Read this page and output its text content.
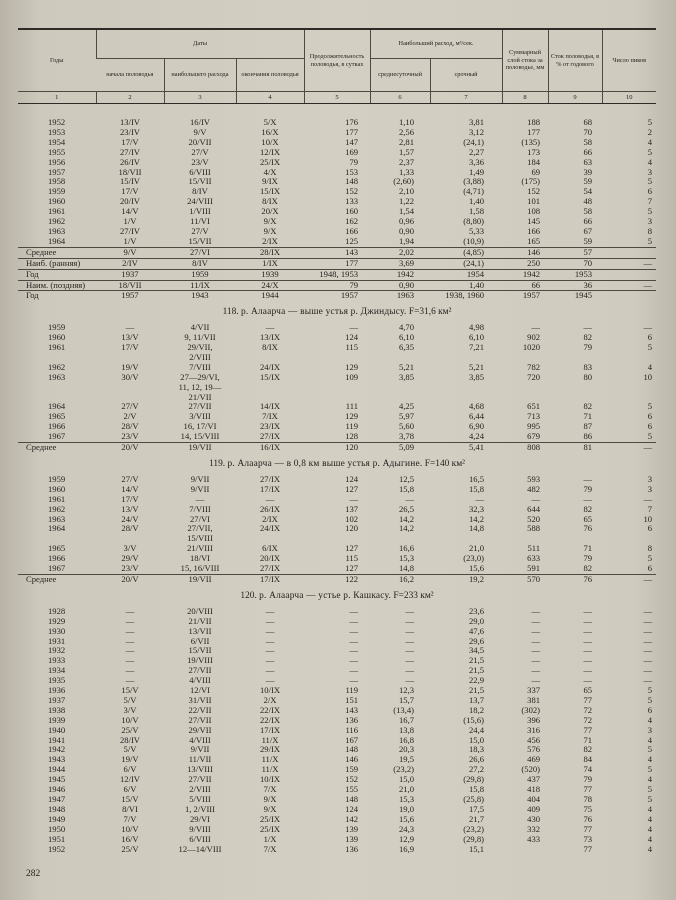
Годы	Даты			Продолжительность половодья, в сутках	Наибольший расход, м³/сек.		Суммарный слой стока за половодье, мм	Сток половодья, в % от годового	Число пиков
	начала половодья	наибольшего расхода	окончания половодья		среднесуточный	срочный			
1	2	3	4	5	6	7	8	9	10

1952	13/IV	16/IV	5/X	176	1,10	3,81	188	68	5
1953	23/IV	9/V	16/X	177	2,56	3,12	177	70	2
1954	17/V	20/VII	10/X	147	2,81	(24,1)	(135)	58	4
1955	27/IV	27/V	12/IX	169	1,57	2,27	173	66	5
1956	26/IV	23/V	25/IX	79	2,37	3,36	184	63	4
1957	18/VII	6/VIII	4/X	153	1,33	1,49	69	39	3
1958	15/IV	15/VII	9/IX	148	(2,60)	(3,88)	(175)	59	5
1959	17/V	8/IV	15/IX	152	2,10	(4,71)	152	54	6
1960	20/IV	24/VIII	8/IX	133	1,22	1,40	101	48	7
1961	14/V	1/VIII	20/X	160	1,54	1,58	108	58	5
1962	1/V	11/VI	9/X	162	0,96	(8,80)	145	66	3
1963	27/IV	27/V	9/X	166	0,90	5,33	166	67	8
1964	1/V	15/VII	2/IX	125	1,94	(10,9)	165	59	5
Среднее	9/V	27/VI	28/IX	143	2,02	(4,85)	146	57	
Наиб. (ранняя)	2/IV	8/IV	1/IX	177	3,69	(24,1)	250	70	—
Год	1937	1959	1939	1948, 1953	1942	1954	1942	1953	
Наим. (поздняя)	18/VII	11/IX	24/X	79	0,90	1,40	66	36	—
Год	1957	1943	1944	1957	1963	1938, 1960	1957	1945	
118. р. Алаарча — выше устья р. Джиндысу. F=31,6 км²									
1959	—	4/VII	—	—	4,70	4,98	—	—	—
1960	13/V	9, 11/VII	13/IX	124	6,10	6,10	902	82	6
1961	17/V	29/VII,	8/IX	115	6,35	7,21	1020	79	5
		2/VIII							
1962	19/V	7/VIII	24/IX	129	5,21	5,21	782	83	4
1963	30/V	27—29/VI,	15/IX	109	3,85	3,85	720	80	10
		11, 12, 19—							
		21/VII							
1964	27/V	27/VII	14/IX	111	4,25	4,68	651	82	5
1965	2/V	3/VIII	7/IX	129	5,97	6,44	713	71	6
1966	28/V	16, 17/VI	23/IX	119	5,60	6,90	995	87	6
1967	23/V	14, 15/VIII	27/IX	128	3,78	4,24	679	86	5
Среднее	20/V	19/VII	16/IX	120	5,09	5,41	808	81	—
119. р. Алаарча — в 0,8 км выше устья р. Адыгине. F=140 км²									
1959	27/V	9/VII	27/IX	124	12,5	16,5	593	—	3
1960	14/V	9/VII	17/IX	127	15,8	15,8	482	79	3
1961	17/V	—	—	—	—	—	—	—	—
1962	13/V	7/VIII	26/IX	137	26,5	32,3	644	82	7
1963	24/V	27/VI	2/IX	102	14,2	14,2	520	65	10
1964	28/V	27/VII,	24/IX	120	14,2	14,8	588	76	6
		15/VIII							
1965	3/V	21/VIII	6/IX	127	16,6	21,0	511	71	8
1966	29/V	18/VI	20/IX	115	15,3	(23,0)	633	79	5
1967	23/V	15, 16/VIII	27/IX	127	14,8	15,6	591	82	6
Среднее	20/V	19/VII	17/IX	122	16,2	19,2	570	76	—
120. р. Алаарча — устье р. Кашкасу. F=233 км²									
1928	—	20/VIII	—	—	—	23,6	—	—	—
1929	—	21/VII	—	—	—	29,0	—	—	—
1930	—	13/VII	—	—	—	47,6	—	—	—
1931	—	6/VII	—	—	—	29,6	—	—	—
1932	—	15/VII	—	—	—	34,5	—	—	—
1933	—	19/VIII	—	—	—	21,5	—	—	—
1934	—	27/VII	—	—	—	21,5	—	—	—
1935	—	4/VIII	—	—	—	22,9	—	—	—
1936	15/V	12/VI	10/IX	119	12,3	21,5	337	65	5
1937	5/V	31/VII	2/X	151	15,7	13,7	381	77	5
1938	3/V	22/VII	22/IX	143	(13,4)	18,2	(302)	72	6
1939	10/V	27/VII	22/IX	136	16,7	(15,6)	396	72	4
1940	25/V	29/VII	17/IX	116	13,8	24,4	316	77	3
1941	28/IV	4/VIII	11/X	167	16,8	15,0	456	71	4
1942	5/V	9/VII	29/IX	148	20,3	18,3	576	82	5
1943	19/V	11/VII	11/X	146	19,5	26,6	469	84	4
1944	6/V	13/VIII	11/X	159	(23,2)	27,2	(520)	74	5
1945	12/IV	27/VII	10/IX	152	15,0	(29,8)	437	79	4
1946	6/V	2/VIII	7/X	155	21,0	15,8	418	77	5
1947	15/V	5/VIII	9/X	148	15,3	(25,8)	404	78	5
1948	8/VI	1, 2/VIII	9/X	124	19,0	17,5	409	75	4
1949	7/V	29/VI	25/IX	142	15,6	21,7	430	76	4
1950	10/V	9/VIII	25/IX	139	24,3	(23,2)	332	77	4
1951	16/V	6/VIII	1/X	139	12,9	(29,8)	433	73	4
1952	25/V	12—14/VIII	7/X	136	16,9	15,1		77	4
282
